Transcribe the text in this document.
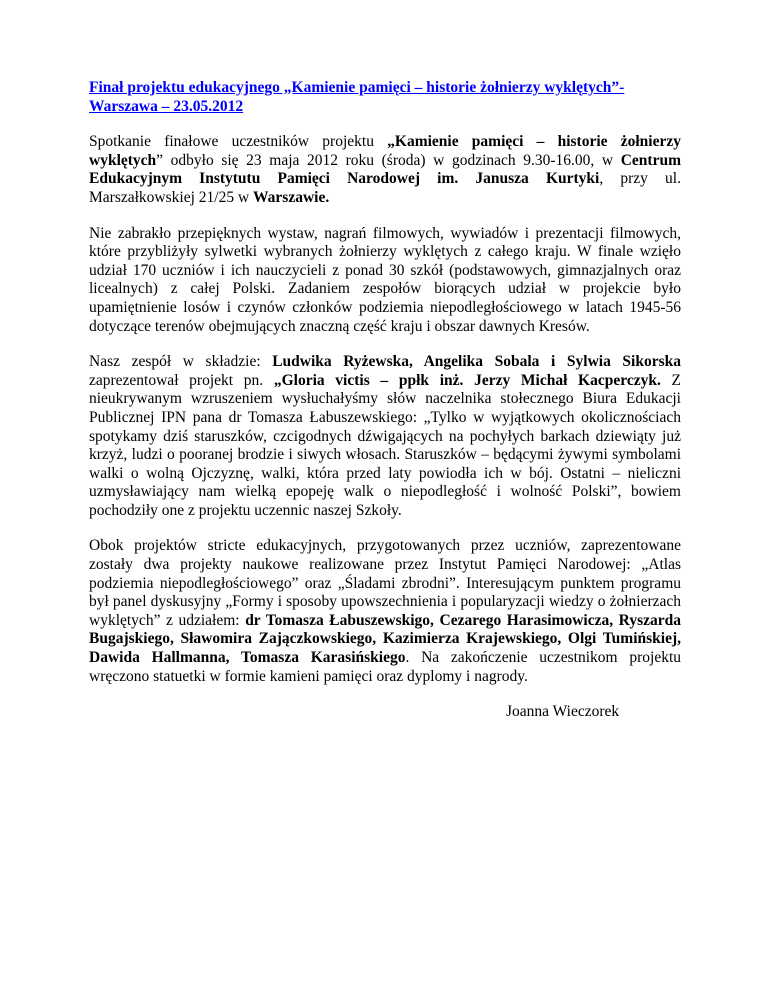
Finał projektu edukacyjnego „Kamienie pamięci – historie żołnierzy wyklętych”-
Warszawa – 23.05.2012

Spotkanie finałowe uczestników projektu „Kamienie pamięci – historie żołnierzy wyklętych” odbyło się 23 maja 2012 roku (środa) w godzinach 9.30-16.00, w Centrum Edukacyjnym Instytutu Pamięci Narodowej im. Janusza Kurtyki, przy ul. Marszałkowskiej 21/25 w Warszawie.

Nie zabrakło przepięknych wystaw, nagrań filmowych, wywiadów i prezentacji filmowych, które przybliżyły sylwetki wybranych żołnierzy wyklętych z całego kraju. W finale wzięło udział 170 uczniów i ich nauczycieli z ponad 30 szkół (podstawowych, gimnazjalnych oraz licealnych) z całej Polski. Zadaniem zespołów biorących udział w projekcie było upamiętnienie losów i czynów członków podziemia niepodległościowego w latach 1945-56 dotyczące terenów obejmujących znaczną część kraju i obszar dawnych Kresów.

Nasz zespół w składzie: Ludwika Ryżewska, Angelika Sobala i Sylwia Sikorska zaprezentował projekt pn. „Gloria victis – ppłk inż. Jerzy Michał Kacperczyk. Z nieukrywanym wzruszeniem wysłuchałyśmy słów naczelnika stołecznego Biura Edukacji Publicznej IPN pana dr Tomasza Łabuszewskiego: „Tylko w wyjątkowych okolicznościach spotykamy dziś staruszków, czcigodnych dźwigających na pochyłych barkach dziewiąty już krzyż, ludzi o pooranej brodzie i siwych włosach. Staruszków – będącymi żywymi symbolami walki o wolną Ojczyznę, walki, która przed laty powiodła ich w bój. Ostatni – nieliczni uzmysławiający nam wielką epopeję walk o niepodległość i wolność Polski”, bowiem pochodziły one z projektu uczennic naszej Szkoły.

Obok projektów stricte edukacyjnych, przygotowanych przez uczniów, zaprezentowane zostały dwa projekty naukowe realizowane przez Instytut Pamięci Narodowej: „Atlas podziemia niepodległościowego” oraz „Śladami zbrodni”. Interesującym punktem programu był panel dyskusyjny „Formy i sposoby upowszechnienia i popularyzacji wiedzy o żołnierzach wyklętych” z udziałem: dr Tomasza Łabuszewskigo, Cezarego Harasimowicza, Ryszarda Bugajskiego, Sławomira Zajączkowskiego, Kazimierza Krajewskiego, Olgi Tumińskiej, Dawida Hallmanna, Tomasza Karasińskiego. Na zakończenie uczestnikom projektu wręczono statuetki w formie kamieni pamięci oraz dyplomy i nagrody.

Joanna Wieczorek
